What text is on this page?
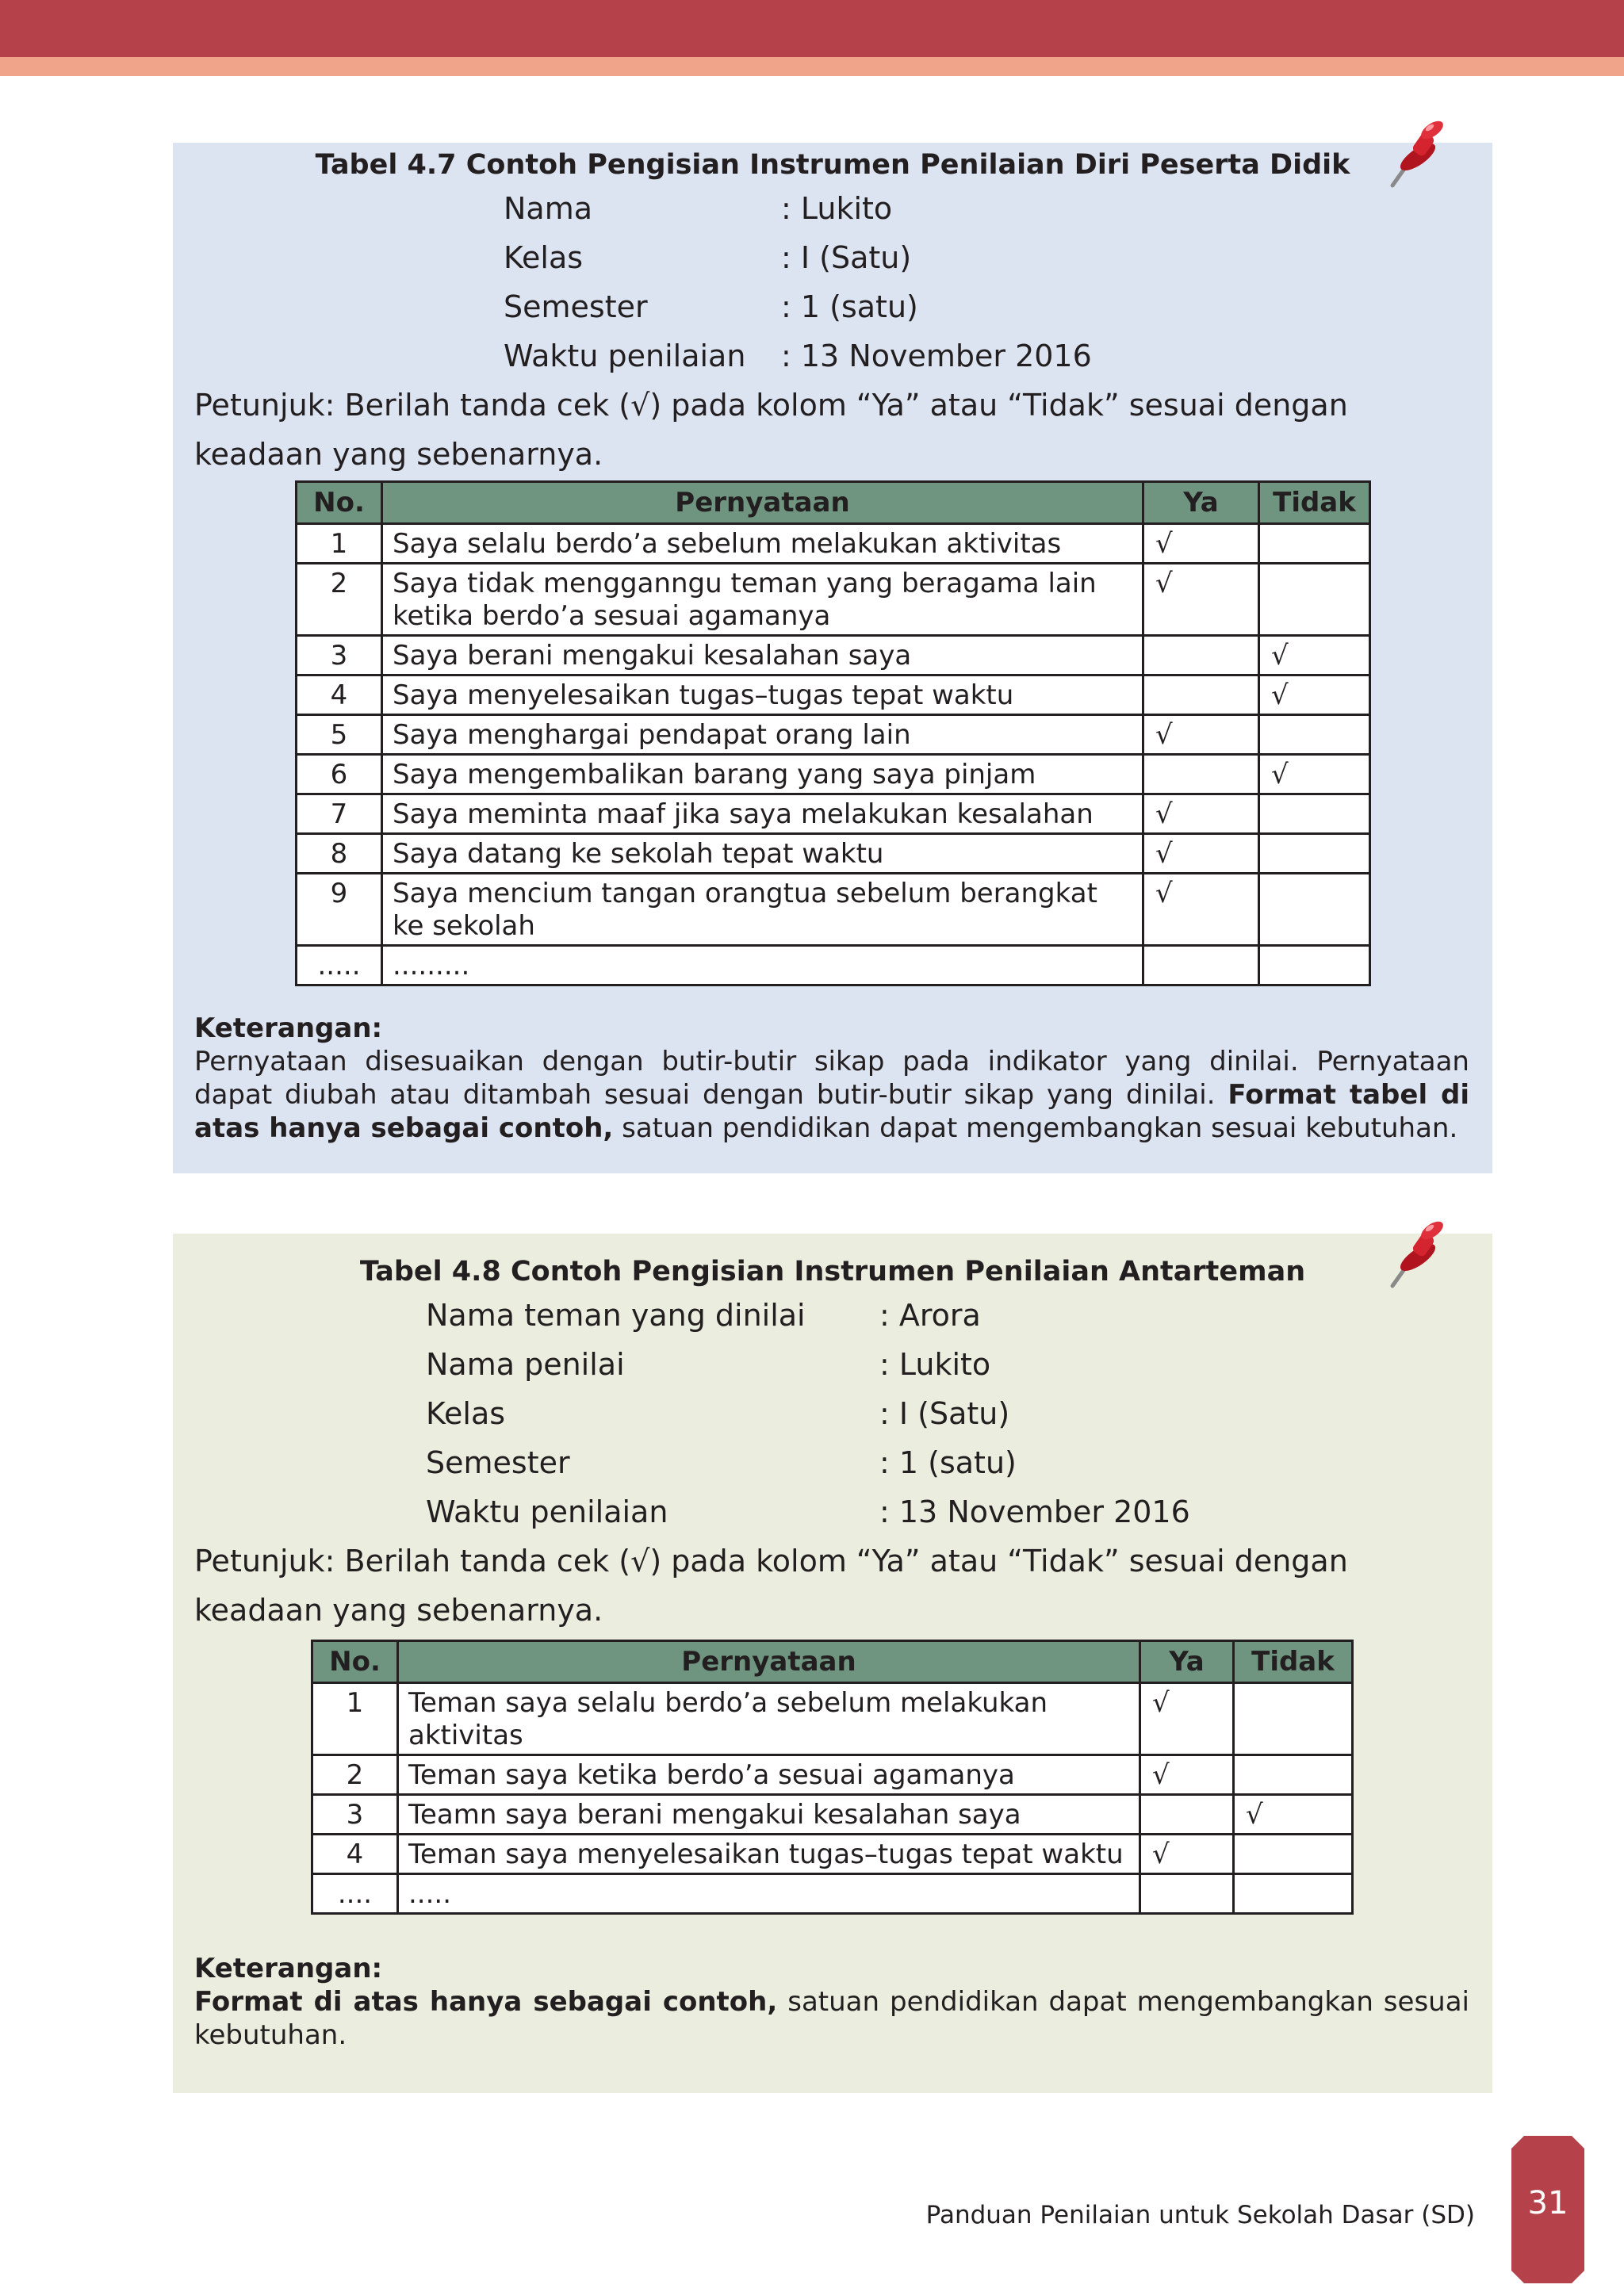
Tabel 4.7 Contoh Pengisian Instrumen Penilaian Diri Peserta Didik
Nama	: Lukito
Kelas	: I (Satu)
Semester	: 1 (satu)
Waktu penilaian : 13 November 2016

Petunjuk: Berilah tanda cek (√) pada kolom “Ya” atau “Tidak” sesuai dengan keadaan yang sebenarnya.

No.	Pernyataan	Ya	Tidak
1	Saya selalu berdo’a sebelum melakukan aktivitas	√	
2	Saya tidak mengganngu teman yang beragama lain ketika berdo’a sesuai agamanya	√	
3	Saya berani mengakui kesalahan saya		√
4	Saya menyelesaikan tugas–tugas tepat waktu		√
5	Saya menghargai pendapat orang lain	√	
6	Saya mengembalikan barang yang saya pinjam		√
7	Saya meminta maaf jika saya melakukan kesalahan	√	
8	Saya datang ke sekolah tepat waktu	√	
9	Saya mencium tangan orangtua sebelum berangkat ke sekolah	√	
.....	.........		
Keterangan:
Pernyataan disesuaikan dengan butir-butir sikap pada indikator yang dinilai. Pernyataan dapat diubah atau ditambah sesuai dengan butir-butir sikap yang dinilai. Format tabel di atas hanya sebagai contoh, satuan pendidikan dapat mengembangkan sesuai kebutuhan.
Tabel 4.8 Contoh Pengisian Instrumen Penilaian Antarteman
Nama teman yang dinilai : Arora
Nama penilai	: Lukito
Kelas	: I (Satu)
Semester	: 1 (satu)
Waktu penilaian	: 13 November 2016

Petunjuk: Berilah tanda cek (√) pada kolom “Ya” atau “Tidak” sesuai dengan keadaan yang sebenarnya.

No.	Pernyataan	Ya	Tidak
1	Teman saya selalu berdo’a sebelum melakukan aktivitas	√	
2	Teman saya ketika berdo’a sesuai agamanya	√	
3	Teamn saya berani mengakui kesalahan saya		√
4	Teman saya menyelesaikan tugas–tugas tepat waktu	√	
....	.....		
Keterangan:
Format di atas hanya sebagai contoh, satuan pendidikan dapat mengembangkan sesuai kebutuhan.
Panduan Penilaian untuk Sekolah Dasar (SD)	31
